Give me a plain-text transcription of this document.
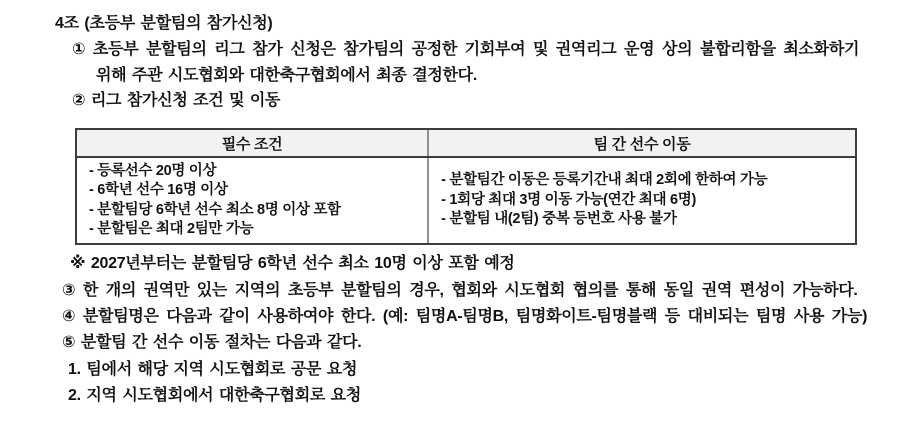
4조 (초등부 분할팀의 참가신청)
① 초등부 분할팀의 리그 참가 신청은 참가팀의 공정한 기회부여 및 권역리그 운영 상의 불합리함을 최소화하기
위해 주관 시도협회와 대한축구협회에서 최종 결정한다.
② 리그 참가신청 조건 및 이동
필수 조건	팀 간 선수 이동
- 등록선수 20명 이상
- 6학년 선수 16명 이상
- 분할팀당 6학년 선수 최소 8명 이상 포함
- 분할팀은 최대 2팀만 가능
- 분할팀간 이동은 등록기간내 최대 2회에 한하여 가능
- 1회당 최대 3명 이동 가능(연간 최대 6명)
- 분할팀 내(2팀) 중복 등번호 사용 불가
※ 2027년부터는 분할팀당 6학년 선수 최소 10명 이상 포함 예정
③ 한 개의 권역만 있는 지역의 초등부 분할팀의 경우, 협회와 시도협회 협의를 통해 동일 권역 편성이 가능하다.
④ 분할팀명은 다음과 같이 사용하여야 한다. (예: 팀명A-팀명B, 팀명화이트-팀명블랙 등 대비되는 팀명 사용 가능)
⑤ 분할팀 간 선수 이동 절차는 다음과 같다.
1. 팀에서 해당 지역 시도협회로 공문 요청
2. 지역 시도협회에서 대한축구협회로 요청
